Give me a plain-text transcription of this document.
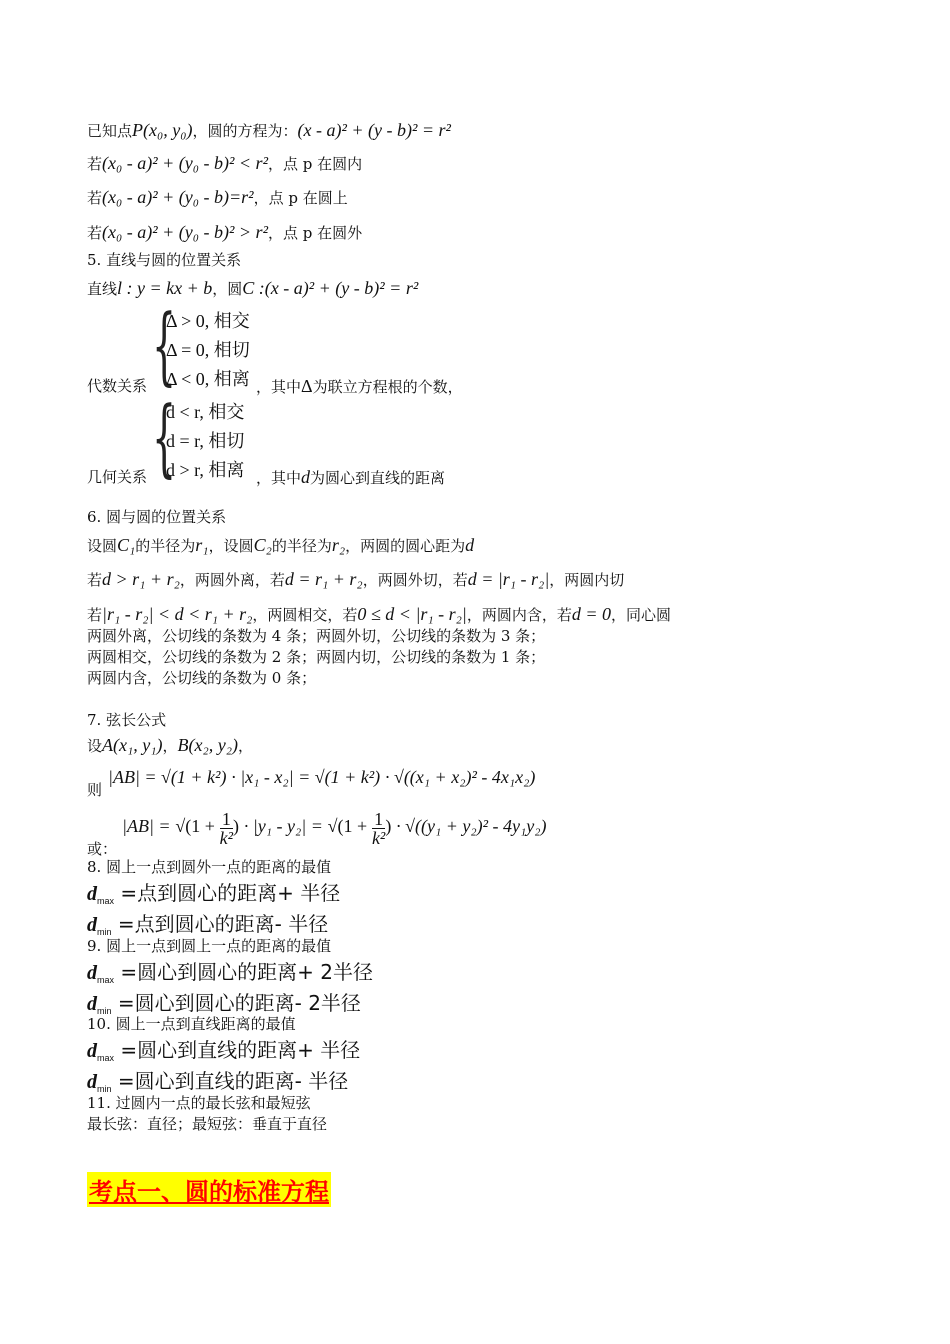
已知点P(x₀, y₀)，圆的方程为：(x - a)² + (y - b)² = r²
若(x₀ - a)² + (y₀ - b)² < r²，点 p 在圆内
若(x₀ - a)² + (y₀ - b)=r²，点 p 在圆上
若(x₀ - a)² + (y₀ - b)² > r²，点 p 在圆外
5. 直线与圆的位置关系
直线l : y = kx + b，圆C :(x - a)² + (y - b)² = r²
{
Δ > 0, 相交
Δ = 0, 相切
Δ < 0, 相离
代数关系	，其中Δ为联立方程根的个数，
{
d < r, 相交
d = r, 相切
d > r, 相离
几何关系	，其中d为圆心到直线的距离
6. 圆与圆的位置关系
设圆C₁的半径为r₁，设圆C₂的半径为r₂，两圆的圆心距为d
若d > r₁ + r₂，两圆外离，若d = r₁ + r₂，两圆外切，若d = |r₁ - r₂|，两圆内切
若|r₁ - r₂| < d < r₁ + r₂，两圆相交，若0 ≤ d < |r₁ - r₂|，两圆内含，若d = 0，同心圆
两圆外离，公切线的条数为 4 条；两圆外切，公切线的条数为 3 条；
两圆相交，公切线的条数为 2 条；两圆内切，公切线的条数为 1 条；
两圆内含，公切线的条数为 0 条；
7. 弦长公式
设A(x₁, y₁)，B(x₂, y₂)，
则
|AB| = √(1 + k²) · |x₁ - x₂| = √(1 + k²) · √((x₁ + x₂)² - 4x₁x₂)
或：
$|AB| = √(1 + \frac{1}{\text{k²}}$ ) · $|y_1 - y_2| = √(1 + \frac{1}{\text{k²}}$ ) · √((y₁ + y₂)² - 4y₁y₂)
8. 圆上一点到圆外一点的距离的最值
$d_{max}$ =点到圆心的距离+ 半径
$d_{min}$ =点到圆心的距离- 半径
9. 圆上一点到圆上一点的距离的最值
$d_{max}$ =圆心到圆心的距离+ 2半径
$d_{min}$ =圆心到圆心的距离- 2半径
10. 圆上一点到直线距离的最值
$d_{max}$ =圆心到直线的距离+ 半径
$d_{min}$ =圆心到直线的距离- 半径
11. 过圆内一点的最长弦和最短弦
最长弦：直径；最短弦：垂直于直径
考点一、圆的标准方程
